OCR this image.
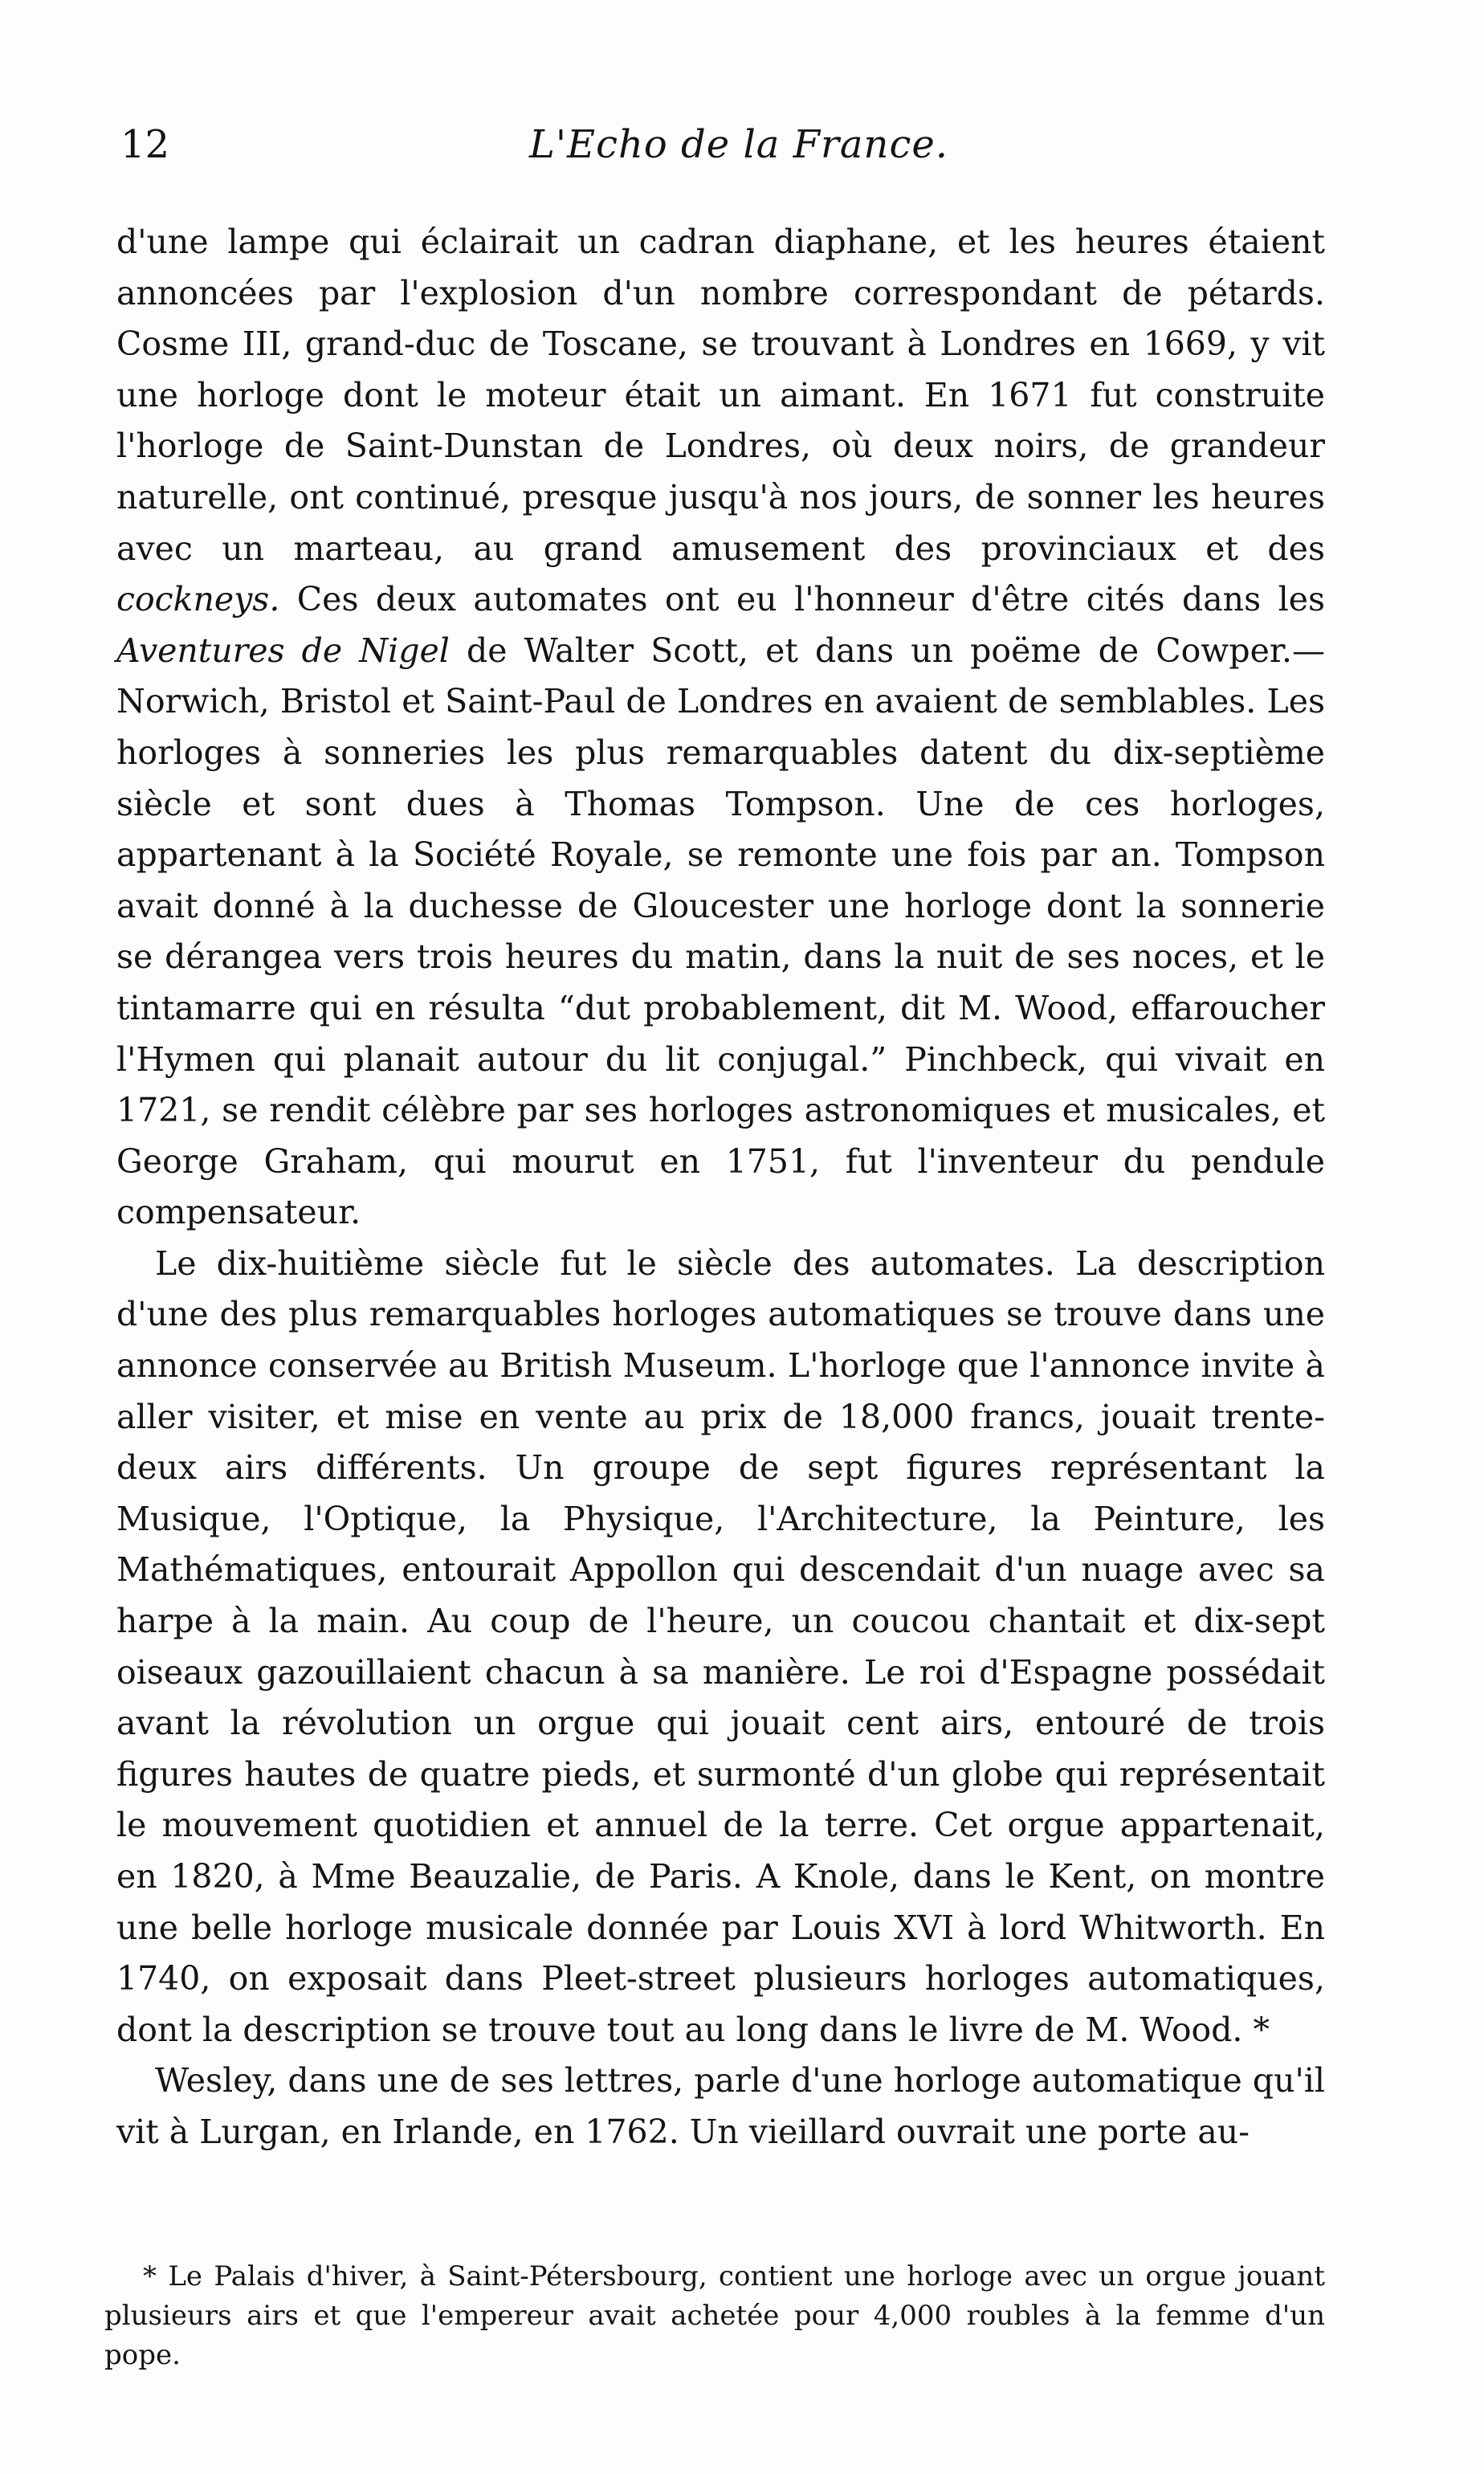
12	L'Echo de la France.

d'une lampe qui éclairait un cadran diaphane, et les heures étaient annoncées par l'explosion d'un nombre correspondant de pétards. Cosme III, grand-duc de Toscane, se trouvant à Londres en 1669, y vit une horloge dont le moteur était un aimant. En 1671 fut construite l'horloge de Saint-Dunstan de Londres, où deux noirs, de grandeur naturelle, ont continué, presque jusqu'à nos jours, de sonner les heures avec un marteau, au grand amusement des provinciaux et des cockneys. Ces deux automates ont eu l'honneur d'être cités dans les Aventures de Nigel de Walter Scott, et dans un poëme de Cowper.—Norwich, Bristol et Saint-Paul de Londres en avaient de semblables. Les horloges à sonneries les plus remarquables datent du dix-septième siècle et sont dues à Thomas Tompson. Une de ces horloges, appartenant à la Société Royale, se remonte une fois par an. Tompson avait donné à la duchesse de Gloucester une horloge dont la sonnerie se dérangea vers trois heures du matin, dans la nuit de ses noces, et le tintamarre qui en résulta “dut probablement, dit M. Wood, effaroucher l'Hymen qui planait autour du lit conjugal.” Pinchbeck, qui vivait en 1721, se rendit célèbre par ses horloges astronomiques et musicales, et George Graham, qui mourut en 1751, fut l'inventeur du pendule compensateur.

Le dix-huitième siècle fut le siècle des automates. La description d'une des plus remarquables horloges automatiques se trouve dans une annonce conservée au British Museum. L'horloge que l'annonce invite à aller visiter, et mise en vente au prix de 18,000 francs, jouait trente-deux airs différents. Un groupe de sept figures représentant la Musique, l'Optique, la Physique, l'Architecture, la Peinture, les Mathématiques, entourait Appollon qui descendait d'un nuage avec sa harpe à la main. Au coup de l'heure, un coucou chantait et dix-sept oiseaux gazouillaient chacun à sa manière. Le roi d'Espagne possédait avant la révolution un orgue qui jouait cent airs, entouré de trois figures hautes de quatre pieds, et surmonté d'un globe qui représentait le mouvement quotidien et annuel de la terre. Cet orgue appartenait, en 1820, à Mme Beauzalie, de Paris. A Knole, dans le Kent, on montre une belle horloge musicale donnée par Louis XVI à lord Whitworth. En 1740, on exposait dans Pleet-street plusieurs horloges automatiques, dont la description se trouve tout au long dans le livre de M. Wood. *

Wesley, dans une de ses lettres, parle d'une horloge automatique qu'il vit à Lurgan, en Irlande, en 1762. Un vieillard ouvrait une porte au-

* Le Palais d'hiver, à Saint-Pétersbourg, contient une horloge avec un orgue jouant plusieurs airs et que l'empereur avait achetée pour 4,000 roubles à la femme d'un pope.
